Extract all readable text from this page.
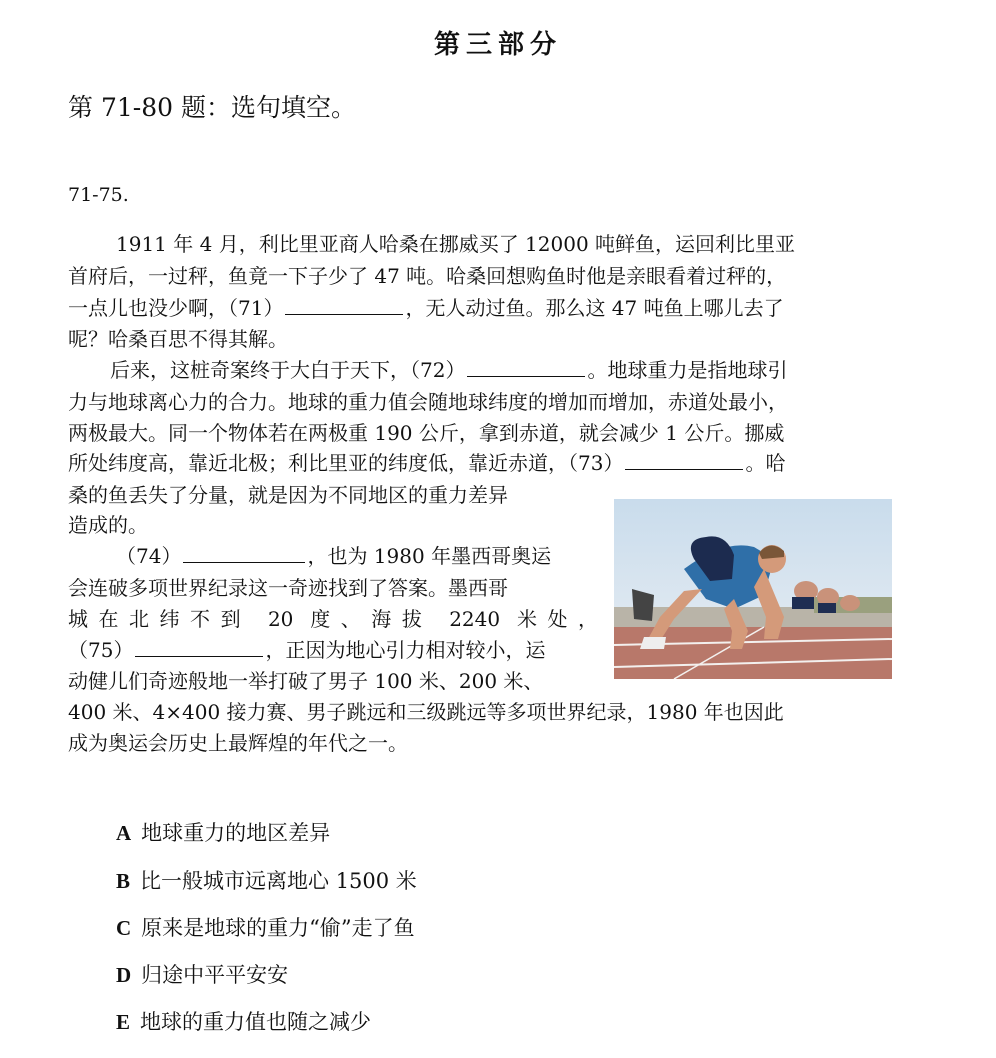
第三部分
第 71-80 题：选句填空。
71-75.
1911 年 4 月，利比里亚商人哈桑在挪威买了 12000 吨鲜鱼，运回利比里亚
首府后，一过秤，鱼竟一下子少了 47 吨。哈桑回想购鱼时他是亲眼看着过秤的，
一点儿也没少啊，（71）	，无人动过鱼。那么这 47 吨鱼上哪儿去了
呢？哈桑百思不得其解。
后来，这桩奇案终于大白于天下，（72）	。地球重力是指地球引
力与地球离心力的合力。地球的重力值会随地球纬度的增加而增加，赤道处最小，
两极最大。同一个物体若在两极重 190 公斤，拿到赤道，就会减少 1 公斤。挪威
所处纬度高，靠近北极；利比里亚的纬度低，靠近赤道，（73）	。哈
桑的鱼丢失了分量，就是因为不同地区的重力差异
造成的。
（74）	，也为 1980 年墨西哥奥运
会连破多项世界纪录这一奇迹找到了答案。墨西哥
城在北纬不到 20 度、海拔 2240 米处，
（75）	，正因为地心引力相对较小，运
动健儿们奇迹般地一举打破了男子 100 米、200 米、
400 米、4×400 接力赛、男子跳远和三级跳远等多项世界纪录，1980 年也因此
成为奥运会历史上最辉煌的年代之一。
A 地球重力的地区差异
B 比一般城市远离地心 1500 米
C 原来是地球的重力“偷”走了鱼
D 归途中平平安安
E 地球的重力值也随之减少
